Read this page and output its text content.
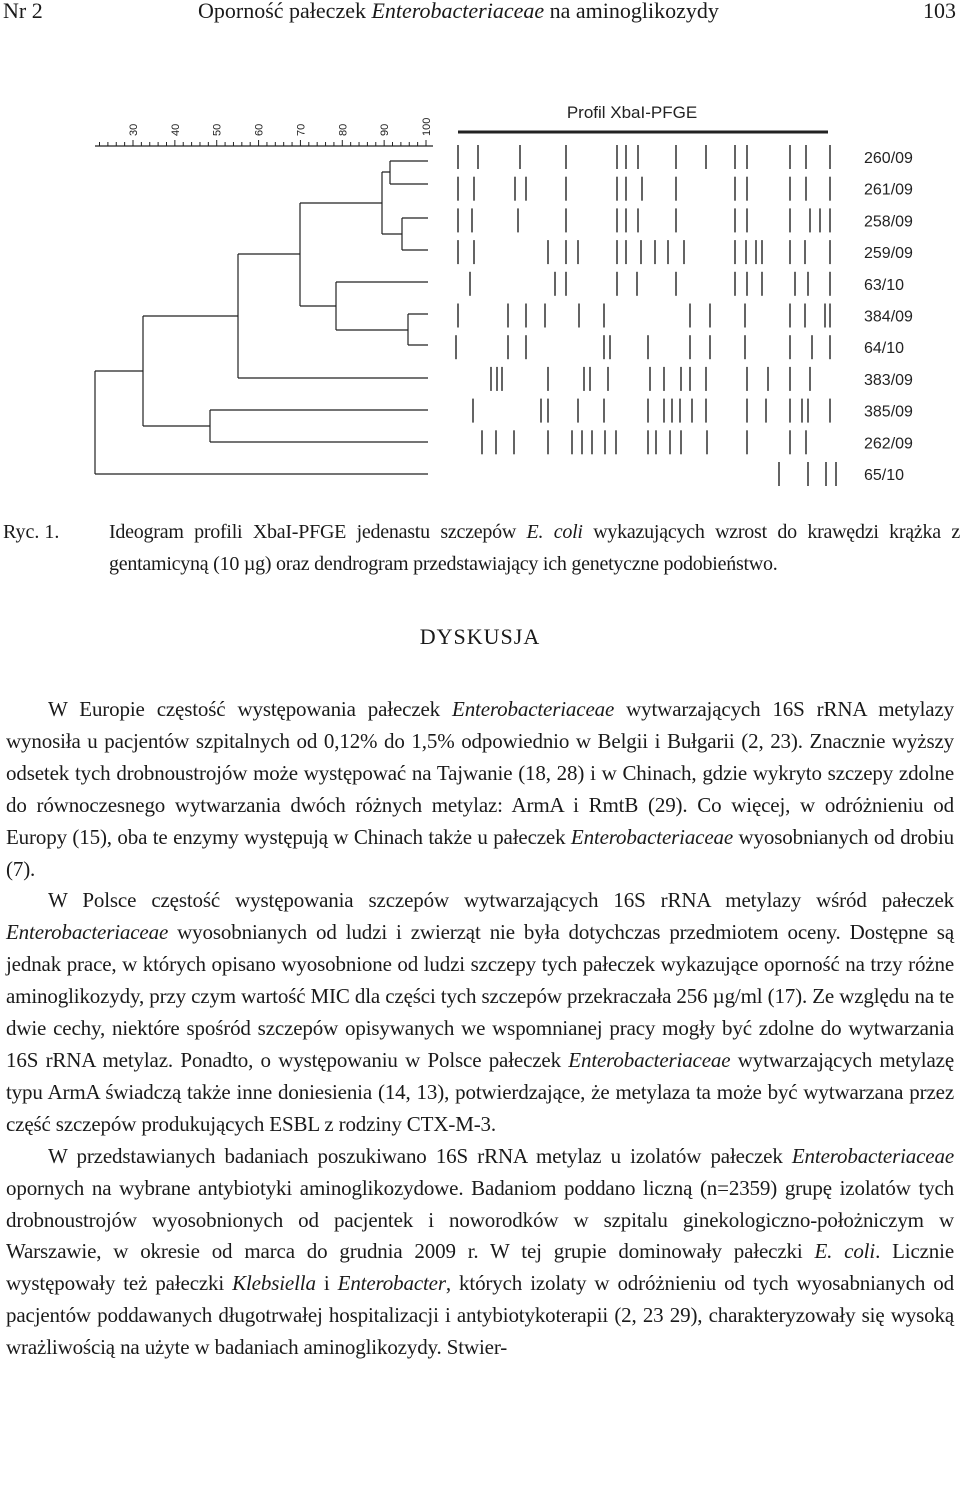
Nr 2	Oporność pałeczek Enterobacteriaceae na aminoglikozydy	103
30	40	50	60	70	80	90	100
Profil XbaI-PFGE
260/09
261/09
258/09
259/09
63/10
384/09
64/10
383/09
385/09
262/09
65/10
Ryc. 1. Ideogram profili XbaI-PFGE jedenastu szczepów E. coli wykazujących wzrost do krawędzi krążka z gentamicyną (10 µg) oraz dendrogram przedstawiający ich genetyczne podobieństwo.
DYSKUSJA

W Europie częstość występowania pałeczek Enterobacteriaceae wytwarzających 16S rRNA metylazy wynosiła u pacjentów szpitalnych od 0,12% do 1,5% odpowiednio w Belgii i Bułgarii (2, 23). Znacznie wyższy odsetek tych drobnoustrojów może występować na Tajwanie (18, 28) i w Chinach, gdzie wykryto szczepy zdolne do równoczesnego wytwarzania dwóch różnych metylaz: ArmA i RmtB (29). Co więcej, w odróżnieniu od Europy (15), oba te enzymy występują w Chinach także u pałeczek Enterobacteriaceae wyosobnianych od drobiu (7).

W Polsce częstość występowania szczepów wytwarzających 16S rRNA metylazy wśród pałeczek Enterobacteriaceae wyosobnianych od ludzi i zwierząt nie była dotychczas przedmiotem oceny. Dostępne są jednak prace, w których opisano wyosobnione od ludzi szczepy tych pałeczek wykazujące oporność na trzy różne aminoglikozydy, przy czym wartość MIC dla części tych szczepów przekraczała 256 µg/ml (17). Ze względu na te dwie cechy, niektóre spośród szczepów opisywanych we wspomnianej pracy mogły być zdolne do wytwarzania 16S rRNA metylaz. Ponadto, o występowaniu w Polsce pałeczek Enterobacteriaceae wytwarzających metylazę typu ArmA świadczą także inne doniesienia (14, 13), potwierdzające, że metylaza ta może być wytwarzana przez część szczepów produkujących ESBL z rodziny CTX-M-3.

W przedstawianych badaniach poszukiwano 16S rRNA metylaz u izolatów pałeczek Enterobacteriaceae opornych na wybrane antybiotyki aminoglikozydowe. Badaniom poddano liczną (n=2359) grupę izolatów tych drobnoustrojów wyosobnionych od pacjentek i noworodków w szpitalu ginekologiczno-położniczym w Warszawie, w okresie od marca do grudnia 2009 r. W tej grupie dominowały pałeczki E. coli. Licznie występowały też pałeczki Klebsiella i Enterobacter, których izolaty w odróżnieniu od tych wyosabnianych od pacjentów poddawanych długotrwałej hospitalizacji i antybiotykoterapii (2, 23 29), charakteryzowały się wysoką wrażliwością na użyte w badaniach aminoglikozydy. Stwier-
